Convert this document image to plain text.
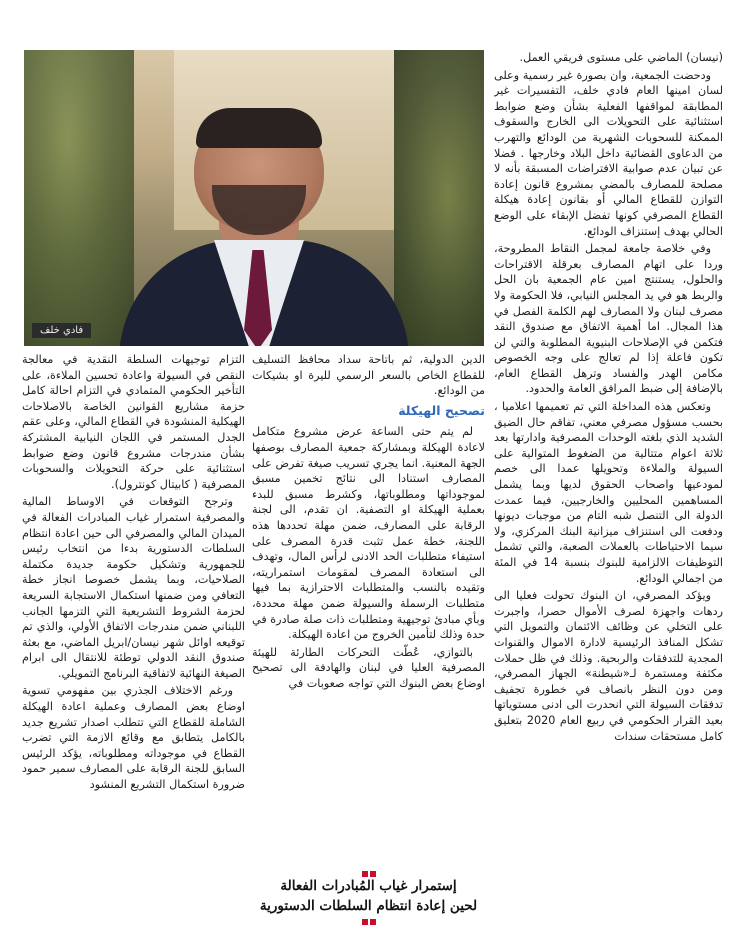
فادي خلف

(نيسان) الماضي على مستوى فريقي العمل.

ودحضت الجمعية، وان بصورة غير رسمية وعلى لسان امينها العام فادي خلف، التفسيرات غير المطابقة لمواقفها الفعلية بشأن وضع ضوابط استثنائية على التحويلات الى الخارج والسقوف الممكنة للسحوبات الشهرية من الودائع والتهرب من الدعاوى القضائية داخل البلاد وخارجها . فضلا عن تبيان عدم صوابية الافتراضات المسبقة بأنه لا مصلحة للمصارف بالمضي بمشروع قانون إعادة التوازن للقطاع المالي أو بقانون إعادة هيكلة القطاع المصرفي كونها تفضل الإبقاء على الوضع الحالي بهدف إستنزاف الودائع.

وفي خلاصة جامعة لمجمل النقاط المطروحة، وردا على اتهام المصارف بعرقلة الاقتراحات والحلول، يستنتج امين عام الجمعية بان الحل والربط هو في يد المجلس النيابي، فلا الحكومة ولا مصرف لبنان ولا المصارف لهم الكلمة الفصل في هذا المجال. اما أهمية الاتفاق مع صندوق النقد فتكمن في الإصلاحات البنيوية المطلوبة والتي لن تكون فاعلة إذا لم تعالج على وجه الخصوص مكامن الهدر والفساد وترهل القطاع العام، بالإضافة إلى ضبط المرافق العامة والحدود.

وتعكس هذه المداخلة التي تم تعميمها اعلاميا ، بحسب مسؤول مصرفي معني، تفاقم حال الضيق الشديد الذي بلغته الوحدات المصرفية وادارتها بعد ثلاثة اعوام متتالية من الضغوط المتوالية على السيولة والملاءة وتحويلها عمدا الى خصم لمودعيها واصحاب الحقوق لديها وبما يشمل المساهمين المحليين والخارجيين، فيما عمدت الدولة الى التنصل شبه التام من موجبات ديونها ودفعت الى استنزاف ميزانية البنك المركزي، ولا سيما الاحتياطات بالعملات الصعبة، والتي تشمل التوظيفات الالزامية للبنوك بنسبة 14 في المئة من اجمالي الودائع.

ويؤكد المصرفي، ان البنوك تحولت فعليا الى ردهات واجهزة لصرف الأموال حصرا، واجبرت على التخلي عن وظائف الائتمان والتمويل التي تشكل المنافذ الرئيسية لادارة الاموال والقنوات المجدية للتدفقات والربحية. وذلك في ظل حملات مكثفة ومستمرة لـ«شيطنة» الجهاز المصرفي، ومن دون النظر بانصاف في خطورة تجفيف تدفقات السيولة التي انحدرت الى ادنى مستوياتها بعيد القرار الحكومي في ربيع العام 2020 بتعليق كامل مستحقات سندات

الدين الدولية، ثم باتاحة سداد محافظ التسليف للقطاع الخاص بالسعر الرسمي لليرة او بشيكات من الودائع.

تصحيح الهيكلة

لم يتم حتى الساعة عرض مشروع متكامل لاعادة الهيكلة وبمشاركة جمعية المصارف بوصفها الجهة المعنية. انما يجري تسريب صيغة تفرض على المصارف استنادا الى نتائج تخمين مسبق لموجوداتها ومطلوباتها، وكشرط مسبق للبدء بعملية الهيكلة او التصفية. ان تقدم، الى لجنة الرقابة على المصارف، ضمن مهلة تحددها هذه اللجنة، خطة عمل تثبت قدرة المصرف على استيفاء متطلبات الحد الادنى لرأس المال، وتهدف الى استعادة المصرف لمقومات استمراريته، وتقيده بالنسب والمتطلبات الاحترازية بما فيها متطلبات الرسملة والسيولة ضمن مهلة محددة، وبأي مبادئ توجيهية ومتطلبات ذات صلة صادرة في حدة وذلك لتأمين الخروج من اعادة الهيكلة.

بالتوازي، عُطّت التحركات الطارئة للهيئة المصرفية العليا في لبنان والهادفة الى تصحيح اوضاع بعض البنوك التي تواجه صعوبات في

إستمرار غياب المُبادرات الفعالة
لحين إعادة انتظام السلطات الدستورية

التزام توجيهات السلطة النقدية في معالجة النقص في السيولة واعادة تحسين الملاءة، على التأخير الحكومي المتمادي في التزام احالة كامل حزمة مشاريع القوانين الخاصة بالاصلاحات الهيكلية المنشودة في القطاع المالي، وعلى عقم الجدل المستمر في اللجان النيابية المشتركة بشأن مندرجات مشروع قانون وضع ضوابط استثنائية على حركة التحويلات والسحوبات المصرفية ( كابيتال كونترول).

وترجح التوقعات في الاوساط المالية والمصرفية استمرار غياب المبادرات الفعالة في الميدان المالي والمصرفي الى حين اعادة انتظام السلطات الدستورية بدءا من انتخاب رئيس للجمهورية وتشكيل حكومة جديدة مكتملة الصلاحيات، وبما يشمل خصوصا انجاز خطة التعافي ومن ضمنها استكمال الاستجابة السريعة لحزمة الشروط التشريعية التي التزمها الجانب اللبناني ضمن مندرجات الاتفاق الأولي، والذي تم توقيعه اوائل شهر نيسان/ابريل الماضي، مع بعثة صندوق النقد الدولي توطئة للانتقال الى ابرام الصيغة النهائية لاتفاقية البرنامج التمويلي.

ورغم الاختلاف الجذري بين مفهومي تسوية اوضاع بعض المصارف وعملية اعادة الهيكلة الشاملة للقطاع التي تتطلب اصدار تشريع جديد بالكامل يتطابق مع وقائع الازمة التي تضرب القطاع في موجوداته ومطلوباته، يؤكد الرئيس السابق للجنة الرقابة على المصارف سمير حمود ضرورة استكمال التشريع المنشود
